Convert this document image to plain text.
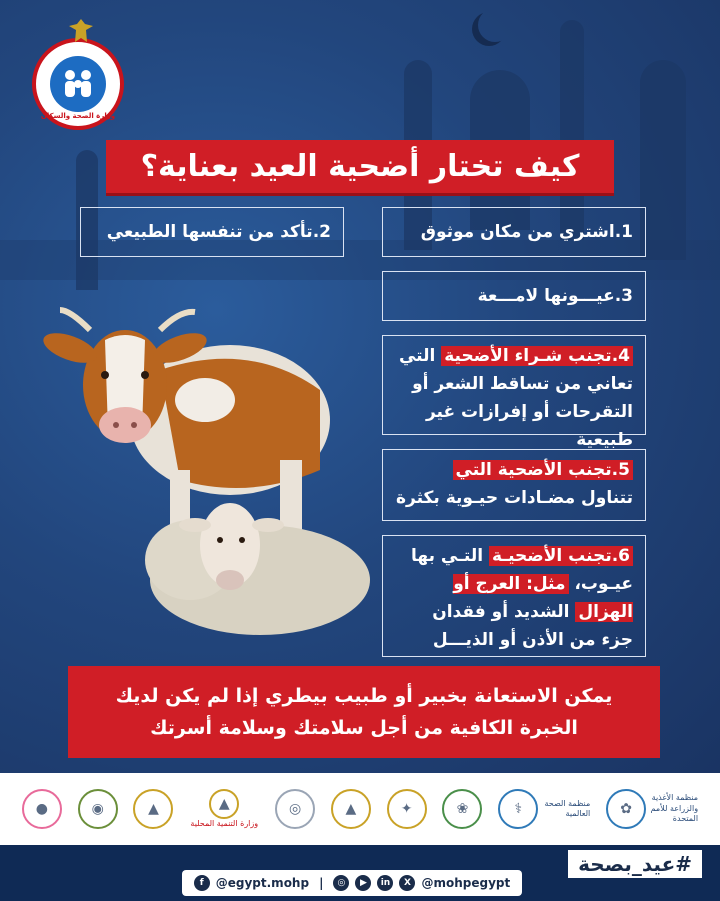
وزارة الصحة والسكان
كيف تختار أضحية العيد بعناية؟
1.اشتري من مكان موثوق
2.تأكد من تنفسها الطبيعي
3.عيـــونها لامـــعة
4.تجنب شـراء الأضحية التي تعاني من تساقط الشعر أو التقرحات أو إفرازات غير طبيعية
5.تجنب الأضحية التي تتناول مضـادات حيـوية بكثرة
6.تجنب الأضحيـة التـي بها عيـوب، مثل: العرج أو الهزال الشديد أو فقدان جزء من الأذن أو الذيـــل
يمكن الاستعانة بخبير أو طبيب بيطري إذا لم يكن لديك
الخبرة الكافية من أجل سلامتك وسلامة أسرتك
●	◉	▲	▲
وزارة التنمية المحلية
◎	▲	✦	❀	⚕	منظمة الصحة العالمية	✿
منظمة الأغذية والزراعة للأمم المتحدة
f	@egypt.mohp |	◎	▶	in	X @mohpegypt
#عيد_بصحة
